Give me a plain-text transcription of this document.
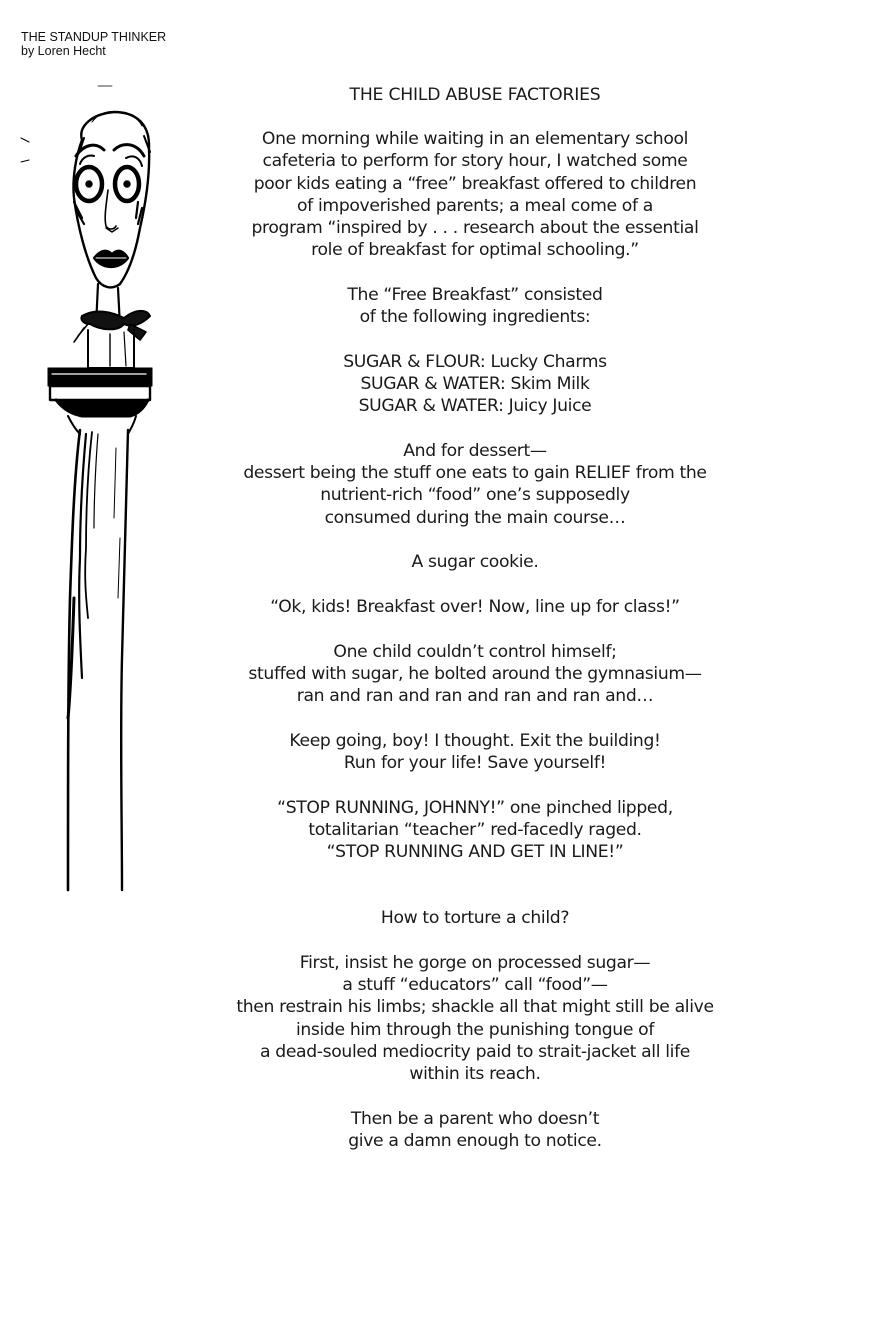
THE STANDUP THINKER
by Loren Hecht
THE CHILD ABUSE FACTORIES
One morning while waiting in an elementary school
cafeteria to perform for story hour, I watched some
poor kids eating a “free” breakfast offered to children
of impoverished parents; a meal come of a
program “inspired by . . . research about the essential
role of breakfast for optimal schooling.”
The “Free Breakfast” consisted
of the following ingredients:
SUGAR & FLOUR: Lucky Charms
SUGAR & WATER: Skim Milk
SUGAR & WATER: Juicy Juice
And for dessert—
dessert being the stuff one eats to gain RELIEF from the
nutrient-rich “food” one’s supposedly
consumed during the main course…
A sugar cookie.
“Ok, kids! Breakfast over! Now, line up for class!”
One child couldn’t control himself;
stuffed with sugar, he bolted around the gymnasium—
ran and ran and ran and ran and ran and…
Keep going, boy! I thought. Exit the building!
Run for your life! Save yourself!
“STOP RUNNING, JOHNNY!” one pinched lipped,
totalitarian “teacher” red-facedly raged.
“STOP RUNNING AND GET IN LINE!”
How to torture a child?
First, insist he gorge on processed sugar—
a stuff “educators” call “food”—
then restrain his limbs; shackle all that might still be alive
inside him through the punishing tongue of
a dead-souled mediocrity paid to strait-jacket all life
within its reach.
Then be a parent who doesn’t
give a damn enough to notice.
